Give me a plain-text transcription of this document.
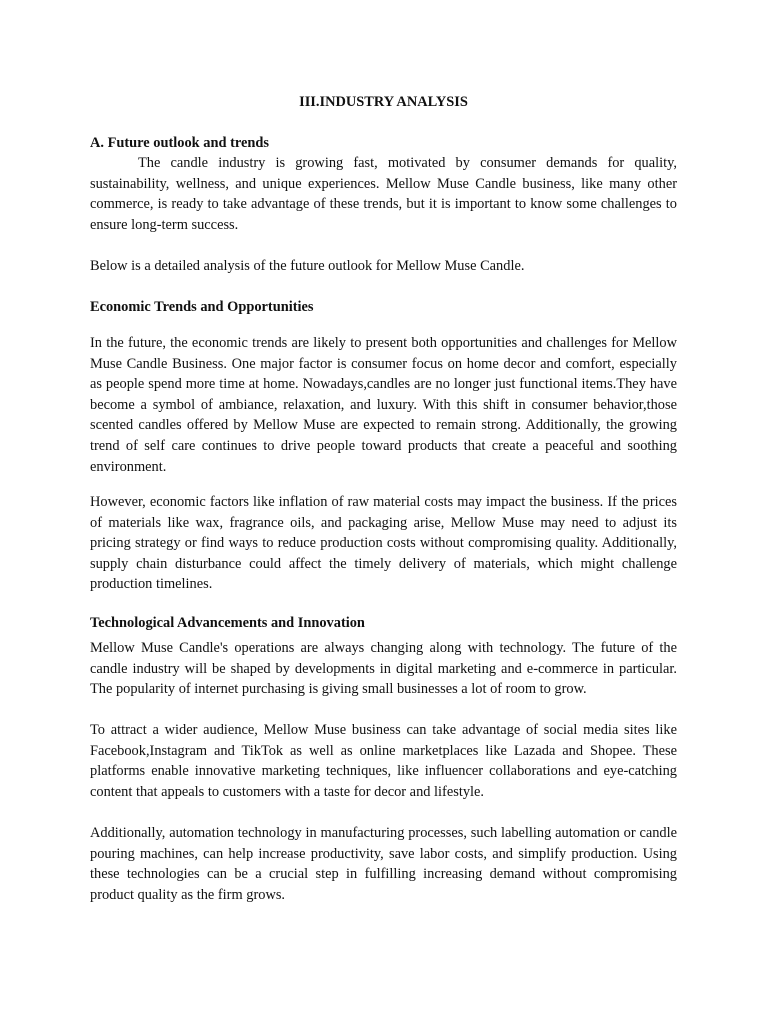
III.INDUSTRY ANALYSIS
A. Future outlook and trends

The candle industry is growing fast, motivated by consumer demands for quality, sustainability, wellness, and unique experiences. Mellow Muse Candle business, like many other commerce, is ready to take advantage of these trends, but it is important to know some challenges to ensure long-term success.

Below is a detailed analysis of the future outlook for Mellow Muse Candle.
Economic Trends and Opportunities

In the future, the economic trends are likely to present both opportunities and challenges for Mellow Muse Candle Business. One major factor is consumer focus on home decor and comfort, especially as people spend more time at home. Nowadays,candles are no longer just functional items.They have become a symbol of ambiance, relaxation, and luxury. With this shift in consumer behavior,those scented candles offered by Mellow Muse are expected to remain strong. Additionally, the growing trend of self care continues to drive people toward products that create a peaceful and soothing environment.

However, economic factors like inflation of raw material costs may impact the business. If the prices of materials like wax, fragrance oils, and packaging arise, Mellow Muse may need to adjust its pricing strategy or find ways to reduce production costs without compromising quality. Additionally, supply chain disturbance could affect the timely delivery of materials, which might challenge production timelines.

Technological Advancements and Innovation

Mellow Muse Candle's operations are always changing along with technology. The future of the candle industry will be shaped by developments in digital marketing and e-commerce in particular. The popularity of internet purchasing is giving small businesses a lot of room to grow.

To attract a wider audience, Mellow Muse business can take advantage of social media sites like Facebook,Instagram and TikTok as well as online marketplaces like Lazada and Shopee. These platforms enable innovative marketing techniques, like influencer collaborations and eye-catching content that appeals to customers with a taste for decor and lifestyle.

Additionally, automation technology in manufacturing processes, such labelling automation or candle pouring machines, can help increase productivity, save labor costs, and simplify production. Using these technologies can be a crucial step in fulfilling increasing demand without compromising product quality as the firm grows.
